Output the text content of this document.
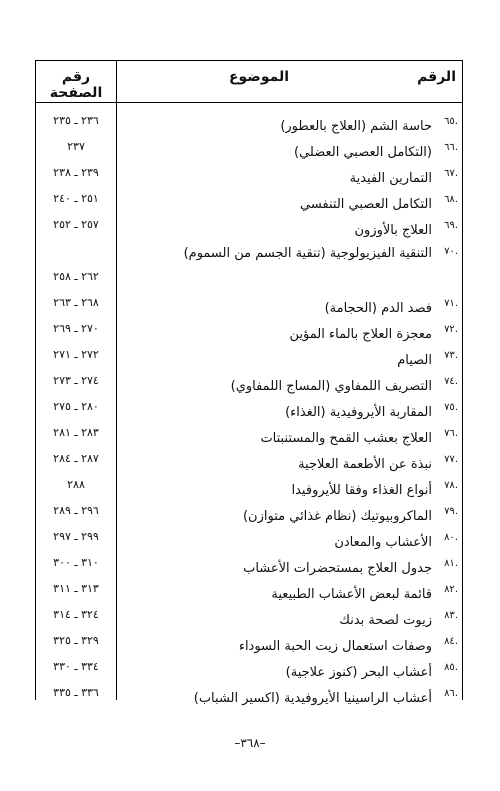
الرقم
الموضوع
رقم الصفحة
.٦٥
حاسة الشم (العلاج بالعطور)
٢٣٦ ـ ٢٣٥
.٦٦
(التكامل العصبي العضلي)
٢٣٧
.٦٧
التمارين الفيدية
٢٣٩ ـ ٢٣٨
.٦٨
التكامل العصبي التنفسي
٢٥١ ـ ٢٤٠
.٦٩
العلاج بالأوزون
٢٥٧ ـ ٢٥٢
.٧٠
التنقية الفيزيولوجية (تنقية الجسم من السموم)
٢٦٢ ـ ٢٥٨
.٧١
فصد الدم (الحجامة)
٢٦٨ ـ ٢٦٣
.٧٢
معجزة العلاج بالماء المؤين
٢٧٠ ـ ٢٦٩
.٧٣
الصيام
٢٧٢ ـ ٢٧١
.٧٤
التصريف اللمفاوي (المساج اللمفاوي)
٢٧٤ ـ ٢٧٣
.٧٥
المقاربة الأيروفيدية (الغذاء)
٢٨٠ ـ ٢٧٥
.٧٦
العلاج بعشب القمح والمستنبتات
٢٨٣ ـ ٢٨١
.٧٧
نبذة عن الأطعمة العلاجية
٢٨٧ ـ ٢٨٤
.٧٨
أنواع الغذاء وفقا للأيروفيدا
٢٨٨
.٧٩
الماكروبيوتيك (نظام غذائي متوازن)
٢٩٦ ـ ٢٨٩
.٨٠
الأعشاب والمعادن
٢٩٩ ـ ٢٩٧
.٨١
جدول العلاج بمستحضرات الأعشاب
٣١٠ ـ ٣٠٠
.٨٢
قائمة لبعض الأعشاب الطبيعية
٣١٣ ـ ٣١١
.٨٣
زيوت لصحة بدنك
٣٢٤ ـ ٣١٤
.٨٤
وصفات استعمال زيت الحبة السوداء
٣٢٩ ـ ٣٢٥
.٨٥
أعشاب البحر (كنوز علاجية)
٣٣٤ ـ ٣٣٠
.٨٦
أعشاب الراسينيا الأيروفيدية (اكسير الشباب)
٣٣٦ ـ ٣٣٥
–٣٦٨–
